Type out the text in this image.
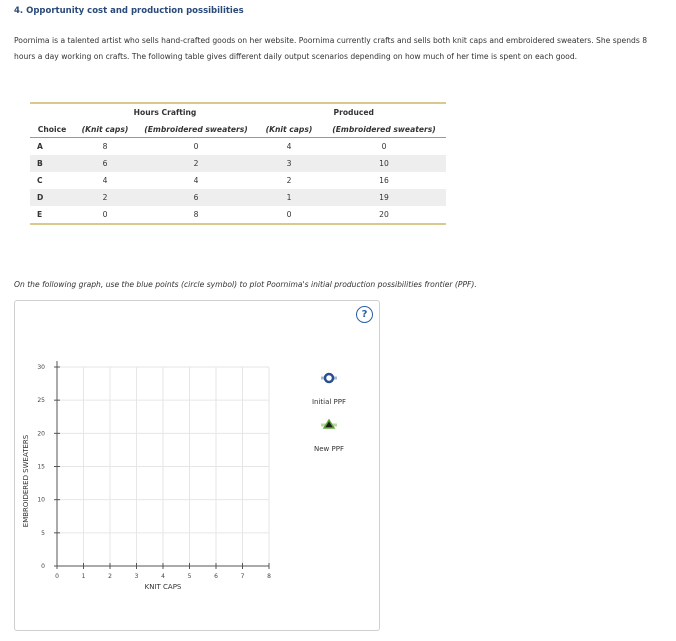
4. Opportunity cost and production possibilities
Poornima is a talented artist who sells hand-crafted goods on her website. Poornima currently crafts and sells both knit caps and embroidered sweaters. She spends 8 hours a day working on crafts. The following table gives different daily output scenarios depending on how much of her time is spent on each good.

	Hours Crafting		Produced	
Choice	(Knit caps)	(Embroidered sweaters)	(Knit caps)	(Embroidered sweaters)
A	8	0	4	0
B	6	2	3	10
C	4	4	2	16
D	2	6	1	19
E	0	8	0	20

On the following graph, use the blue points (circle symbol) to plot Poornima's initial production possibilities frontier (PPF).
?
0	1	2	3	4	5	6	7	8
0
5
10
15
20
25
30
EMBROIDERED SWEATERS
KNIT CAPS
Initial PPF
New PPF
